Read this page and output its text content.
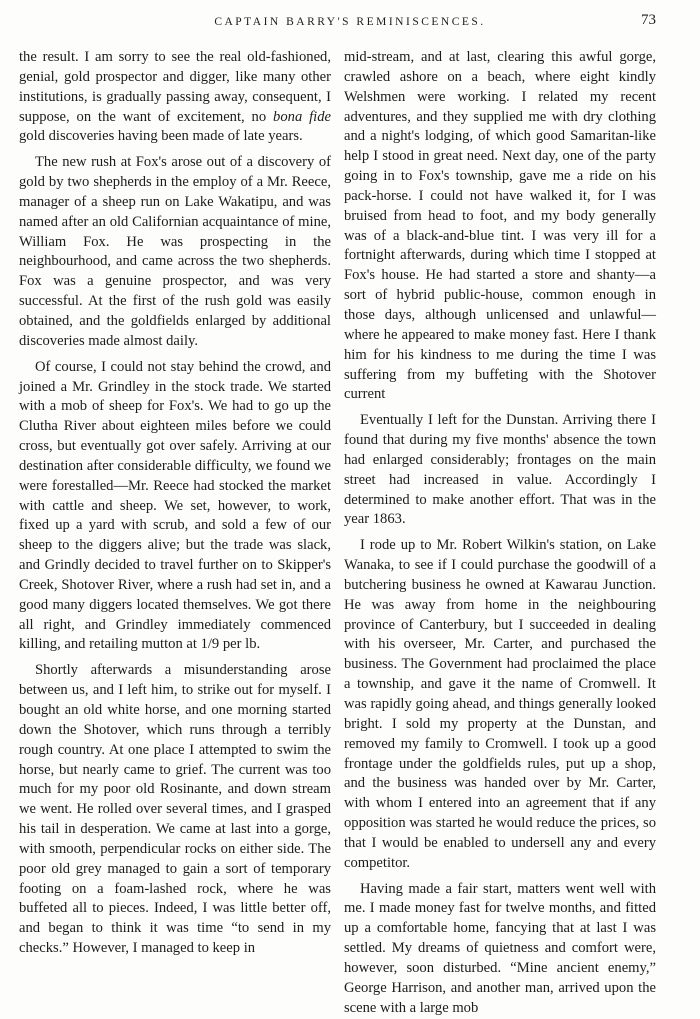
CAPTAIN BARRY'S REMINISCENCES.	73

the result. I am sorry to see the real old-fashioned, genial, gold prospector and digger, like many other institutions, is gradually passing away, consequent, I suppose, on the want of excitement, no bona fide gold discoveries having been made of late years.

The new rush at Fox's arose out of a discovery of gold by two shepherds in the employ of a Mr. Reece, manager of a sheep run on Lake Wakatipu, and was named after an old Californian acquaintance of mine, William Fox. He was prospecting in the neighbourhood, and came across the two shepherds. Fox was a genuine prospector, and was very successful. At the first of the rush gold was easily obtained, and the goldfields enlarged by additional discoveries made almost daily.

Of course, I could not stay behind the crowd, and joined a Mr. Grindley in the stock trade. We started with a mob of sheep for Fox's. We had to go up the Clutha River about eighteen miles before we could cross, but eventually got over safely. Arriving at our destination after considerable difficulty, we found we were forestalled—Mr. Reece had stocked the market with cattle and sheep. We set, however, to work, fixed up a yard with scrub, and sold a few of our sheep to the diggers alive; but the trade was slack, and Grindly decided to travel further on to Skipper's Creek, Shotover River, where a rush had set in, and a good many diggers located themselves. We got there all right, and Grindley immediately commenced killing, and retailing mutton at 1/9 per lb.

Shortly afterwards a misunderstanding arose between us, and I left him, to strike out for myself. I bought an old white horse, and one morning started down the Shotover, which runs through a terribly rough country. At one place I attempted to swim the horse, but nearly came to grief. The current was too much for my poor old Rosinante, and down stream we went. He rolled over several times, and I grasped his tail in desperation. We came at last into a gorge, with smooth, perpendicular rocks on either side. The poor old grey managed to gain a sort of temporary footing on a foam-lashed rock, where he was buffeted all to pieces. Indeed, I was little better off, and began to think it was time “to send in my checks.” However, I managed to keep in

mid-stream, and at last, clearing this awful gorge, crawled ashore on a beach, where eight kindly Welshmen were working. I related my recent adventures, and they supplied me with dry clothing and a night's lodging, of which good Samaritan-like help I stood in great need. Next day, one of the party going in to Fox's township, gave me a ride on his pack-horse. I could not have walked it, for I was bruised from head to foot, and my body generally was of a black-and-blue tint. I was very ill for a fortnight afterwards, during which time I stopped at Fox's house. He had started a store and shanty—a sort of hybrid public-house, common enough in those days, although unlicensed and unlawful—where he appeared to make money fast. Here I thank him for his kindness to me during the time I was suffering from my buffeting with the Shotover current

Eventually I left for the Dunstan. Arriving there I found that during my five months' absence the town had enlarged considerably; frontages on the main street had increased in value. Accordingly I determined to make another effort. That was in the year 1863.

I rode up to Mr. Robert Wilkin's station, on Lake Wanaka, to see if I could purchase the goodwill of a butchering business he owned at Kawarau Junction. He was away from home in the neighbouring province of Canterbury, but I succeeded in dealing with his overseer, Mr. Carter, and purchased the business. The Government had proclaimed the place a township, and gave it the name of Cromwell. It was rapidly going ahead, and things generally looked bright. I sold my property at the Dunstan, and removed my family to Cromwell. I took up a good frontage under the goldfields rules, put up a shop, and the business was handed over by Mr. Carter, with whom I entered into an agreement that if any opposition was started he would reduce the prices, so that I would be enabled to undersell any and every competitor.

Having made a fair start, matters went well with me. I made money fast for twelve months, and fitted up a comfortable home, fancying that at last I was settled. My dreams of quietness and comfort were, however, soon disturbed. “Mine ancient enemy,” George Harrison, and another man, arrived upon the scene with a large mob
